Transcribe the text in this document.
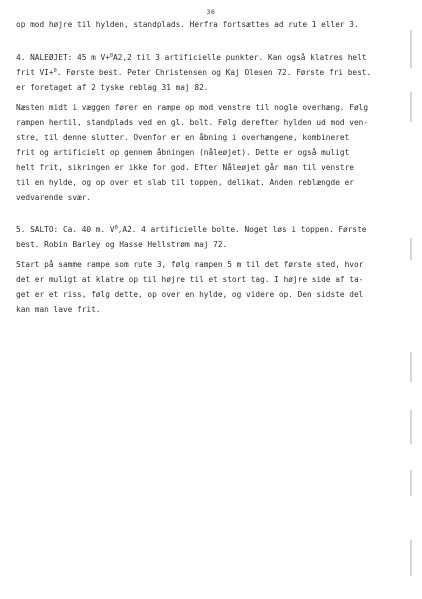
36
op mod højre til hylden, standplads. Herfra fortsættes ad rute 1 eller 3.
4. NALEØJET: 45 m V+$^0$A2,2 til 3 artificielle punkter. Kan også klatres helt
frit VI+$^0$. Første best. Peter Christensen og Kaj Olesen 72. Første fri best.
er foretaget af 2 tyske reblag 31 maj 82.
Næsten midt i væggen fører en rampe op mod venstre til nogle overhæng. Følg
rampen hertil, standplads ved en gl. bolt. Følg derefter hylden ud mod ven-
stre, til denne slutter. Ovenfor er en åbning i overhængene, kombineret
frit og artificielt op gennem åbningen (nåleøjet). Dette er også muligt
helt frit, sikringen er ikke for god. Efter Nåleøjet går man til venstre
til en hylde, og op over et slab til toppen, delikat. Anden reblængde er
vedvarende svær.
5. SALTO: Ca. 40 m. $V^0,A2$. 4 artificielle bolte. Noget løs i toppen. Første
best. Robin Barley og Hasse Hellstrøm maj 72.
Start på samme rampe som rute 3, følg rampen 5 m til det første sted, hvor
det er muligt at klatre op til højre til et stort tag. I højre side af ta-
get er et riss, følg dette, op over en hylde, og videre op. Den sidste del
kan man lave frit.
